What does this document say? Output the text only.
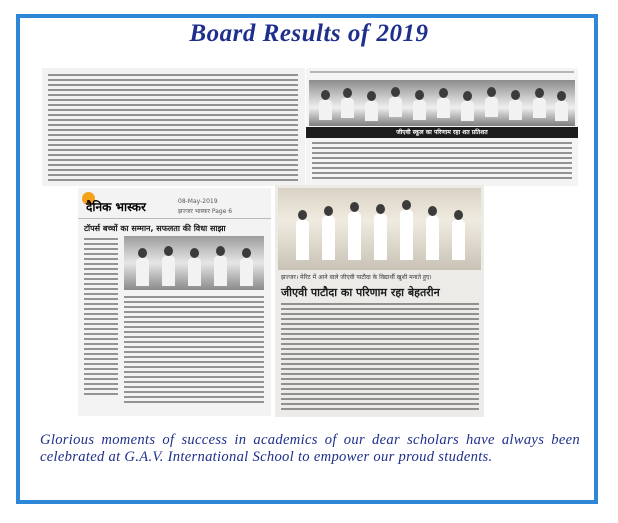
Board Results of 2019
जीएवी स्कूल का परिणाम रहा शत प्रतिशत
दैनिक भास्कर	08-May-2019
झज्जर भास्कर Page 6
टॉपर्स बच्चों का सम्मान, सफलता की विधा साझा
झज्जर। मेरिट में आने वाले जीएवी पाटौदा के विद्यार्थी खुशी मनाते हुए।
जीएवी पाटौदा का परिणाम रहा बेहतरीन
Glorious moments of success in academics of our dear scholars have always been celebrated at G.A.V. International School to empower our proud students.
